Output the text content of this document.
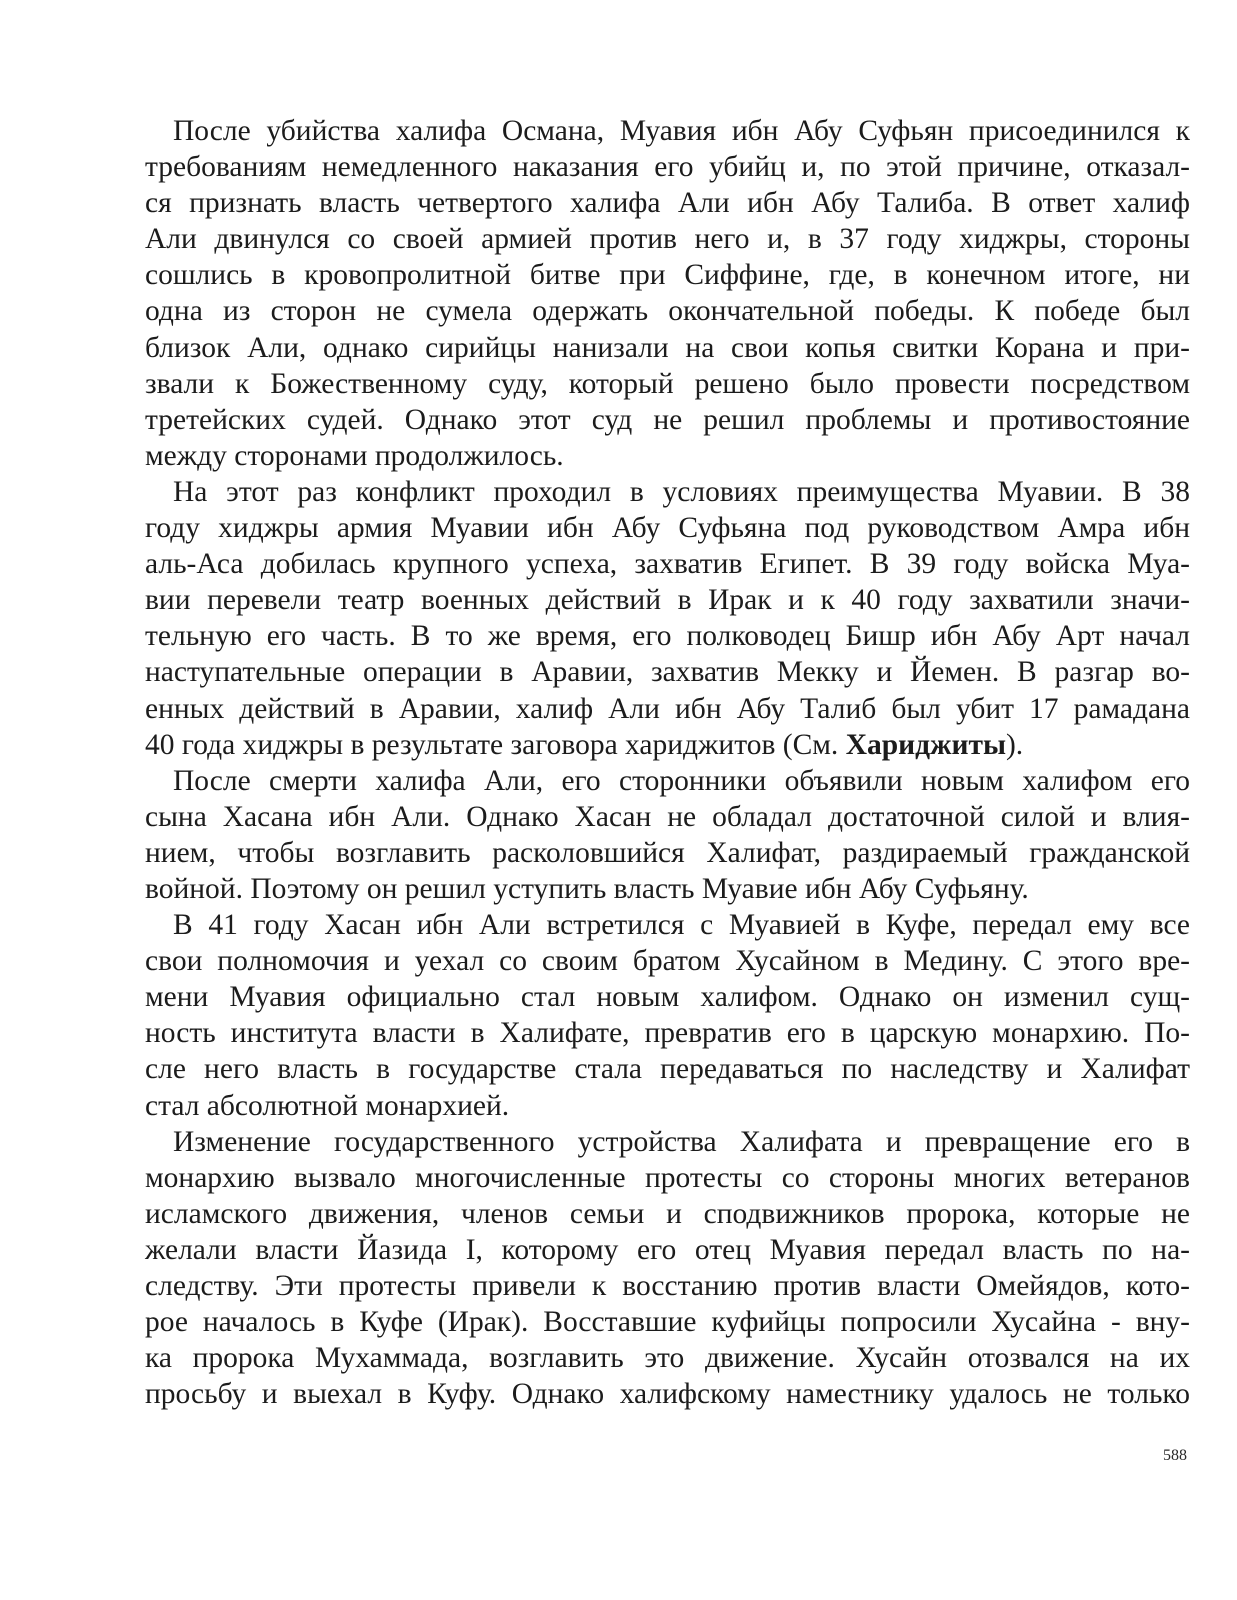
После убийства халифа Османа, Муавия ибн Абу Суфьян присоединился к
требованиям немедленного наказания его убийц и, по этой причине, отказал-
ся признать власть четвертого халифа Али ибн Абу Талиба. В ответ халиф
Али двинулся со своей армией против него и, в 37 году хиджры, стороны
сошлись в кровопролитной битве при Сиффине, где, в конечном итоге, ни
одна из сторон не сумела одержать окончательной победы. К победе был
близок Али, однако сирийцы нанизали на свои копья свитки Корана и при-
звали к Божественному суду, который решено было провести посредством
третейских судей. Однако этот суд не решил проблемы и противостояние
между сторонами продолжилось.
На этот раз конфликт проходил в условиях преимущества Муавии. В 38
году хиджры армия Муавии ибн Абу Суфьяна под руководством Амра ибн
аль-Аса добилась крупного успеха, захватив Египет. В 39 году войска Муа-
вии перевели театр военных действий в Ирак и к 40 году захватили значи-
тельную его часть. В то же время, его полководец Бишр ибн Абу Арт начал
наступательные операции в Аравии, захватив Мекку и Йемен. В разгар во-
енных действий в Аравии, халиф Али ибн Абу Талиб был убит 17 рамадана
40 года хиджры в результате заговора хариджитов (См. Хариджиты).
После смерти халифа Али, его сторонники объявили новым халифом его
сына Хасана ибн Али. Однако Хасан не обладал достаточной силой и влия-
нием, чтобы возглавить расколовшийся Халифат, раздираемый гражданской
войной. Поэтому он решил уступить власть Муавие ибн Абу Суфьяну.
В 41 году Хасан ибн Али встретился с Муавией в Куфе, передал ему все
свои полномочия и уехал со своим братом Хусайном в Медину. С этого вре-
мени Муавия официально стал новым халифом. Однако он изменил сущ-
ность института власти в Халифате, превратив его в царскую монархию. По-
сле него власть в государстве стала передаваться по наследству и Халифат
стал абсолютной монархией.
Изменение государственного устройства Халифата и превращение его в
монархию вызвало многочисленные протесты со стороны многих ветеранов
исламского движения, членов семьи и сподвижников пророка, которые не
желали власти Йазида I, которому его отец Муавия передал власть по на-
следству. Эти протесты привели к восстанию против власти Омейядов, кото-
рое началось в Куфе (Ирак). Восставшие куфийцы попросили Хусайна - вну-
ка пророка Мухаммада, возглавить это движение. Хусайн отозвался на их
просьбу и выехал в Куфу. Однако халифскому наместнику удалось не только
588
